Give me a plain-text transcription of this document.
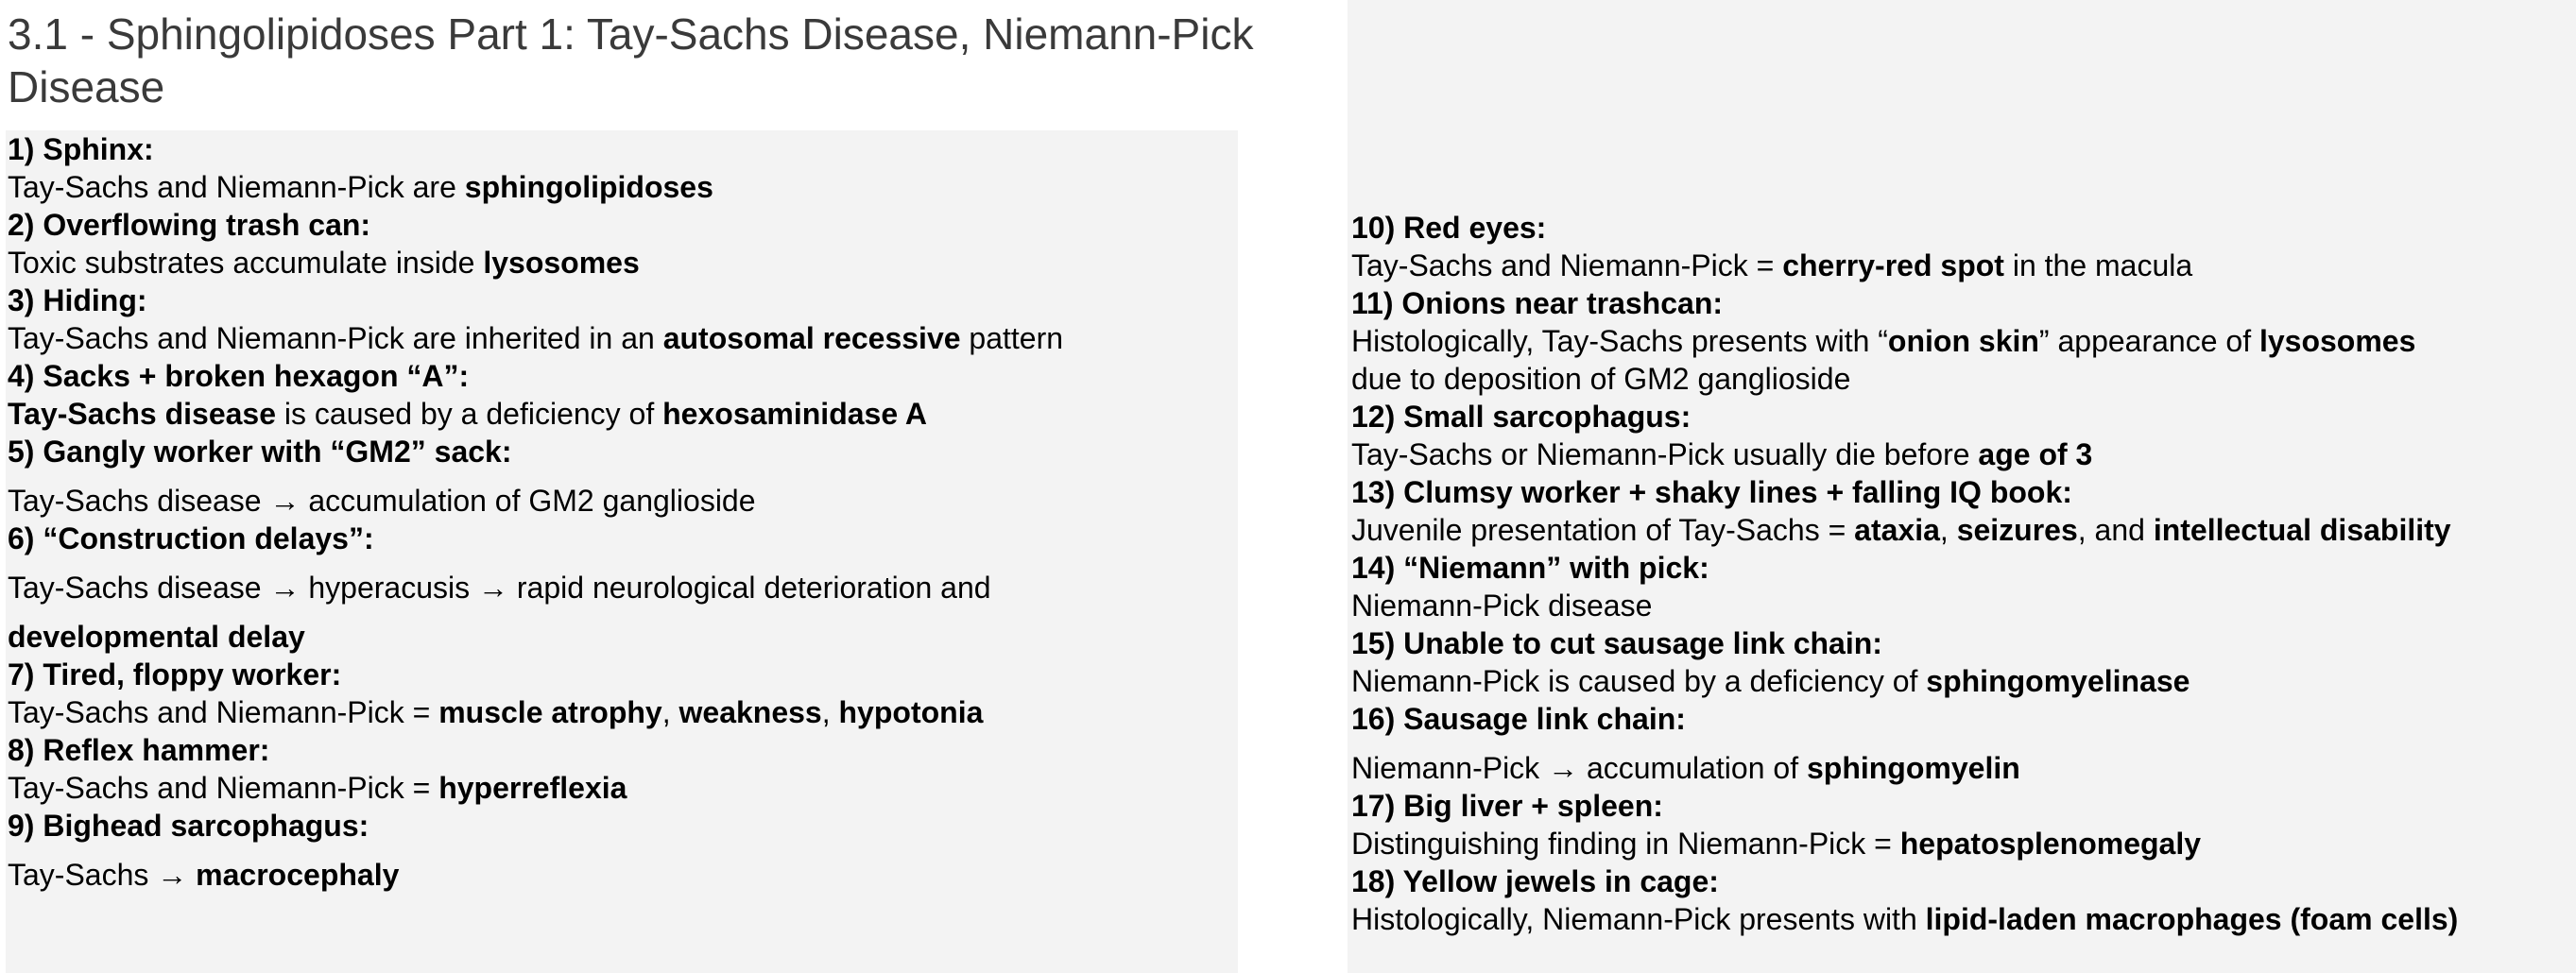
3.1 - Sphingolipidoses Part 1: Tay-Sachs Disease, Niemann-Pick Disease
1) Sphinx:
Tay-Sachs and Niemann-Pick are sphingolipidoses
2) Overflowing trash can:
Toxic substrates accumulate inside lysosomes
3) Hiding:
Tay-Sachs and Niemann-Pick are inherited in an autosomal recessive pattern
4) Sacks + broken hexagon “A”:
Tay-Sachs disease is caused by a deficiency of hexosaminidase A
5) Gangly worker with “GM2” sack:
Tay-Sachs disease → accumulation of GM2 ganglioside
6) “Construction delays”:
Tay-Sachs disease → hyperacusis → rapid neurological deterioration and
developmental delay
7) Tired, floppy worker:
Tay-Sachs and Niemann-Pick = muscle atrophy, weakness, hypotonia
8) Reflex hammer:
Tay-Sachs and Niemann-Pick = hyperreflexia
9) Bighead sarcophagus:
Tay-Sachs → macrocephaly
10) Red eyes:
Tay-Sachs and Niemann-Pick = cherry-red spot in the macula
11) Onions near trashcan:
Histologically, Tay-Sachs presents with “onion skin” appearance of lysosomes
due to deposition of GM2 ganglioside
12) Small sarcophagus:
Tay-Sachs or Niemann-Pick usually die before age of 3
13) Clumsy worker + shaky lines + falling IQ book:
Juvenile presentation of Tay-Sachs = ataxia, seizures, and intellectual disability
14) “Niemann” with pick:
Niemann-Pick disease
15) Unable to cut sausage link chain:
Niemann-Pick is caused by a deficiency of sphingomyelinase
16) Sausage link chain:
Niemann-Pick → accumulation of sphingomyelin
17) Big liver + spleen:
Distinguishing finding in Niemann-Pick = hepatosplenomegaly
18) Yellow jewels in cage:
Histologically, Niemann-Pick presents with lipid-laden macrophages (foam cells)
